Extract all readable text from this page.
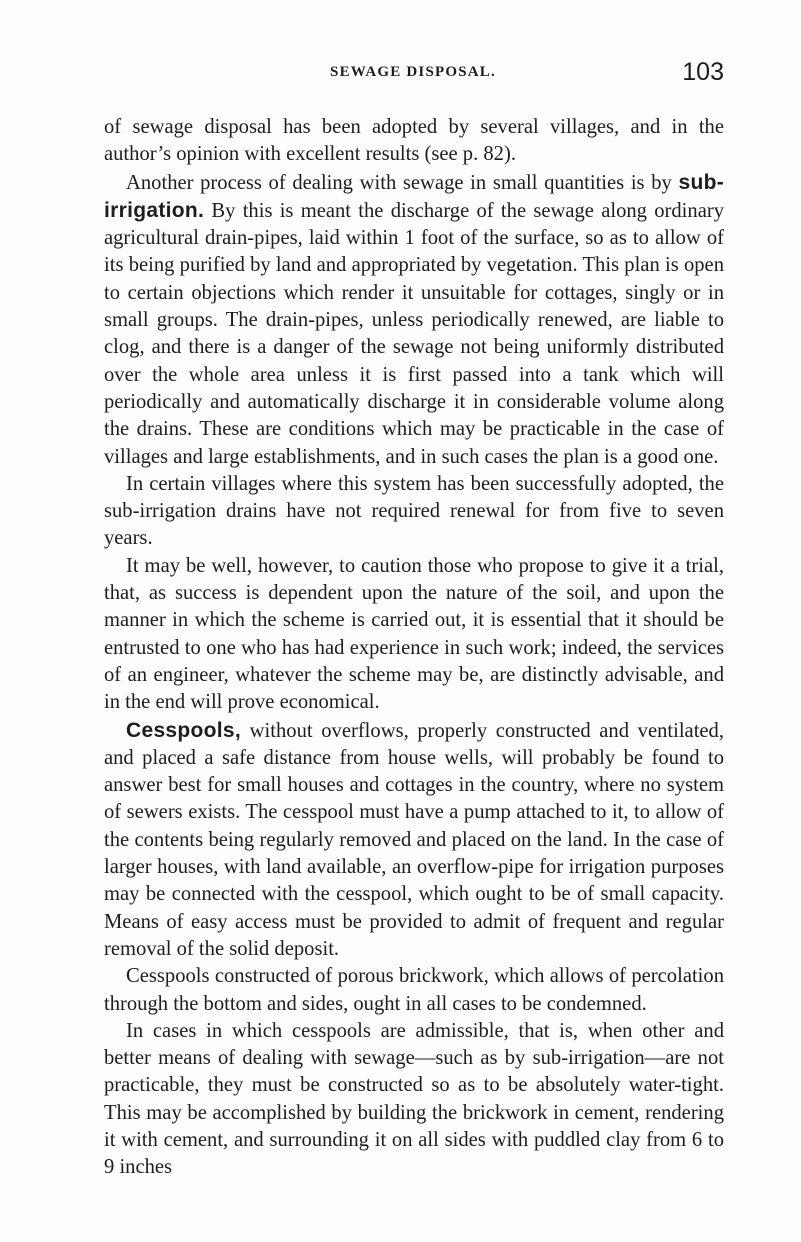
SEWAGE DISPOSAL.	103

of sewage disposal has been adopted by several villages, and in the author’s opinion with excellent results (see p. 82).

Another process of dealing with sewage in small quantities is by sub-irrigation. By this is meant the discharge of the sewage along ordinary agricultural drain-pipes, laid within 1 foot of the surface, so as to allow of its being purified by land and appropriated by vegetation. This plan is open to certain objections which render it unsuitable for cottages, singly or in small groups. The drain-pipes, unless periodically renewed, are liable to clog, and there is a danger of the sewage not being uniformly distributed over the whole area unless it is first passed into a tank which will periodically and automatically discharge it in considerable volume along the drains. These are conditions which may be practicable in the case of villages and large establishments, and in such cases the plan is a good one.

In certain villages where this system has been successfully adopted, the sub-irrigation drains have not required renewal for from five to seven years.

It may be well, however, to caution those who propose to give it a trial, that, as success is dependent upon the nature of the soil, and upon the manner in which the scheme is carried out, it is essential that it should be entrusted to one who has had experience in such work; indeed, the services of an engineer, whatever the scheme may be, are distinctly advisable, and in the end will prove economical.

Cesspools, without overflows, properly constructed and ventilated, and placed a safe distance from house wells, will probably be found to answer best for small houses and cottages in the country, where no system of sewers exists. The cesspool must have a pump attached to it, to allow of the contents being regularly removed and placed on the land. In the case of larger houses, with land available, an overflow-pipe for irrigation purposes may be connected with the cesspool, which ought to be of small capacity. Means of easy access must be provided to admit of frequent and regular removal of the solid deposit.

Cesspools constructed of porous brickwork, which allows of percolation through the bottom and sides, ought in all cases to be condemned.

In cases in which cesspools are admissible, that is, when other and better means of dealing with sewage—such as by sub-irrigation—are not practicable, they must be constructed so as to be absolutely water-tight. This may be accomplished by building the brickwork in cement, rendering it with cement, and surrounding it on all sides with puddled clay from 6 to 9 inches
